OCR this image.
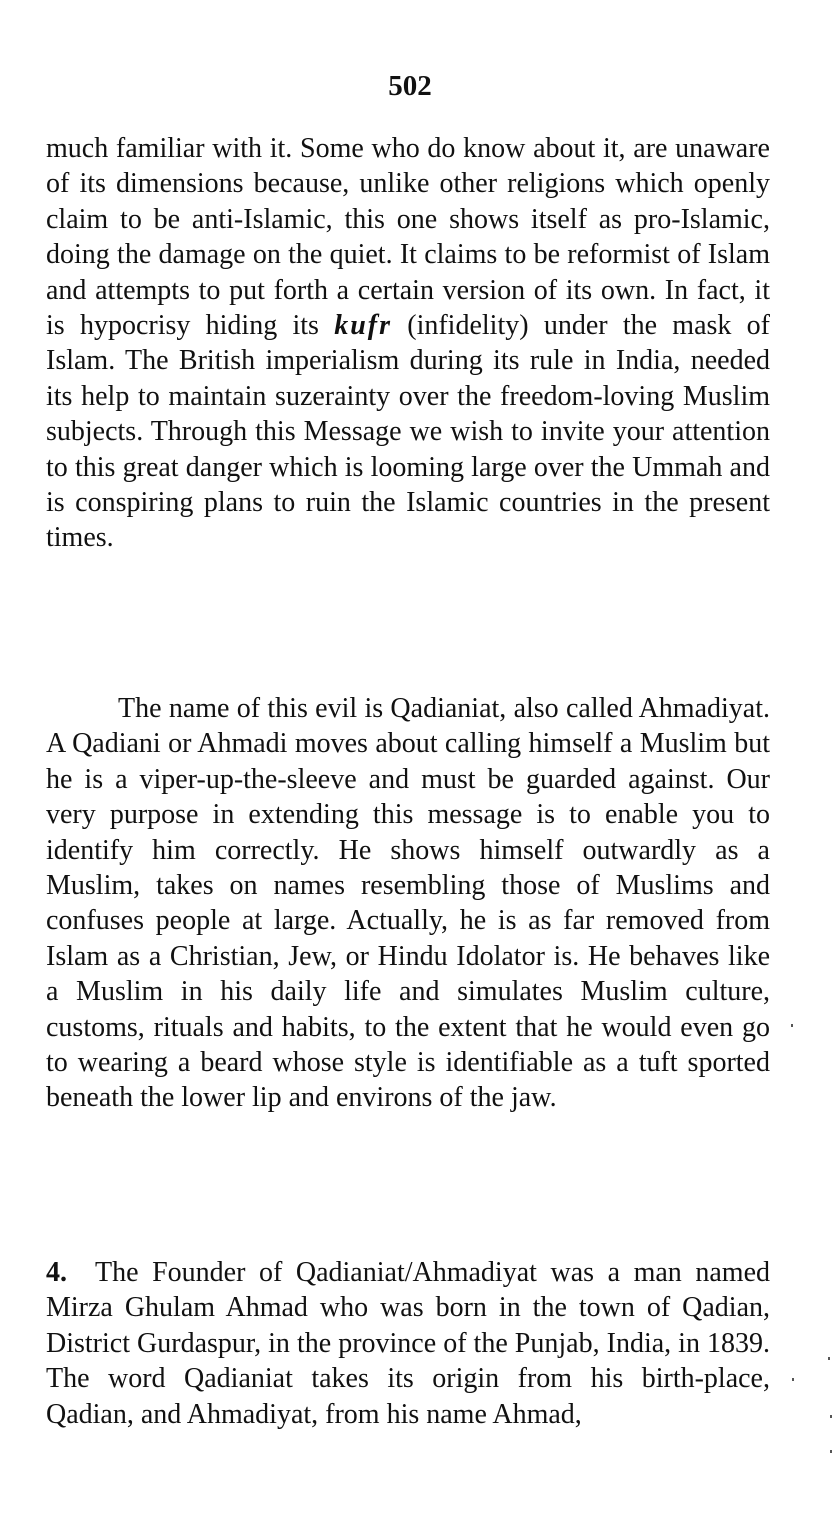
502

much familiar with it. Some who do know about it, are unaware of its dimensions because, unlike other religions which openly claim to be anti-Islamic, this one shows itself as pro-Islamic, doing the damage on the quiet. It claims to be reformist of Islam and attempts to put forth a certain version of its own. In fact, it is hypocrisy hiding its kufr (infidelity) under the mask of Islam. The British imperialism during its rule in India, needed its help to maintain suzerainty over the freedom-loving Muslim subjects. Through this Message we wish to invite your attention to this great danger which is looming large over the Ummah and is conspiring plans to ruin the Islamic countries in the present times.

The name of this evil is Qadianiat, also called Ahmadiyat. A Qadiani or Ahmadi moves about calling himself a Muslim but he is a viper-up-the-sleeve and must be guarded against. Our very purpose in extending this message is to enable you to identify him correctly. He shows himself outwardly as a Muslim, takes on names resembling those of Muslims and confuses people at large. Actually, he is as far removed from Islam as a Christian, Jew, or Hindu Idolator is. He behaves like a Muslim in his daily life and simulates Muslim culture, customs, rituals and habits, to the extent that he would even go to wearing a beard whose style is identifiable as a tuft sported beneath the lower lip and environs of the jaw.

4. The Founder of Qadianiat/Ahmadiyat was a man named Mirza Ghulam Ahmad who was born in the town of Qadian, District Gurdaspur, in the province of the Punjab, India, in 1839. The word Qadianiat takes its origin from his birth-place, Qadian, and Ahmadiyat, from his name Ahmad,
